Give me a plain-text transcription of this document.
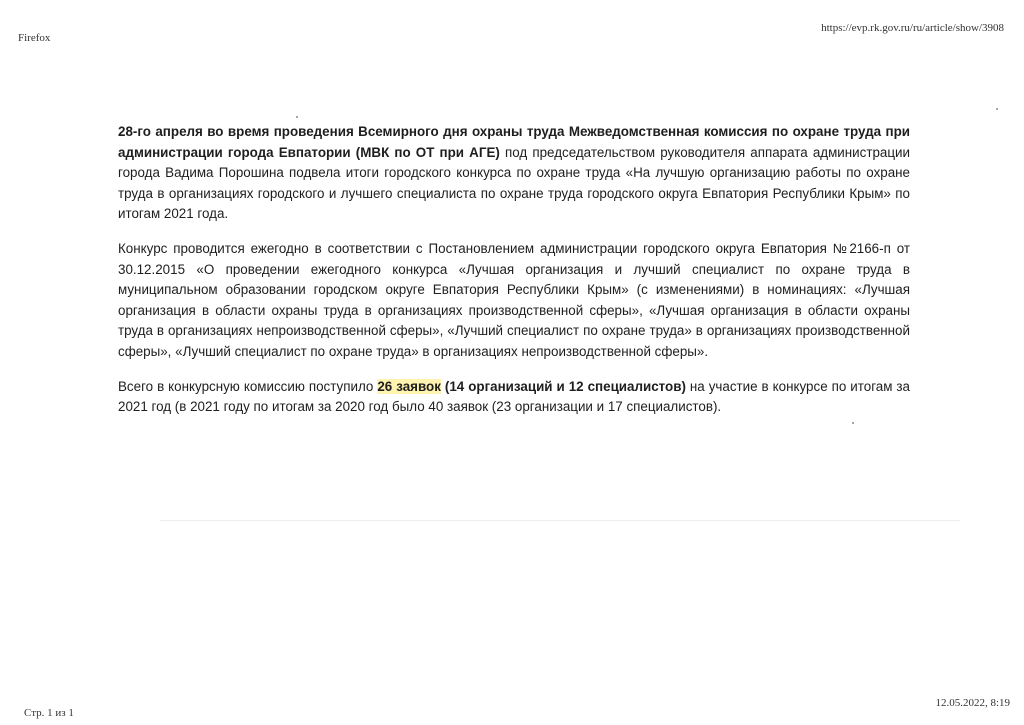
Firefox
https://evp.rk.gov.ru/ru/article/show/3908

28-го апреля во время проведения Всемирного дня охраны труда Межведомственная комиссия по охране труда при администрации города Евпатории (МВК по ОТ при АГЕ) под председательством руководителя аппарата администрации города Вадима Порошина подвела итоги городского конкурса по охране труда «На лучшую организацию работы по охране труда в организациях городского и лучшего специалиста по охране труда городского округа Евпатория Республики Крым» по итогам 2021 года.

Конкурс проводится ежегодно в соответствии с Постановлением администрации городского округа Евпатория №2166-п от 30.12.2015 «О проведении ежегодного конкурса «Лучшая организация и лучший специалист по охране труда в муниципальном образовании городском округе Евпатория Республики Крым» (с изменениями) в номинациях: «Лучшая организация в области охраны труда в организациях производственной сферы», «Лучшая организация в области охраны труда в организациях непроизводственной сферы», «Лучший специалист по охране труда» в организациях производственной сферы», «Лучший специалист по охране труда» в организациях непроизводственной сферы».

Всего в конкурсную комиссию поступило 26 заявок (14 организаций и 12 специалистов) на участие в конкурсе по итогам за 2021 год (в 2021 году по итогам за 2020 год было 40 заявок (23 организации и 17 специалистов).

Стр. 1 из 1
12.05.2022, 8:19
